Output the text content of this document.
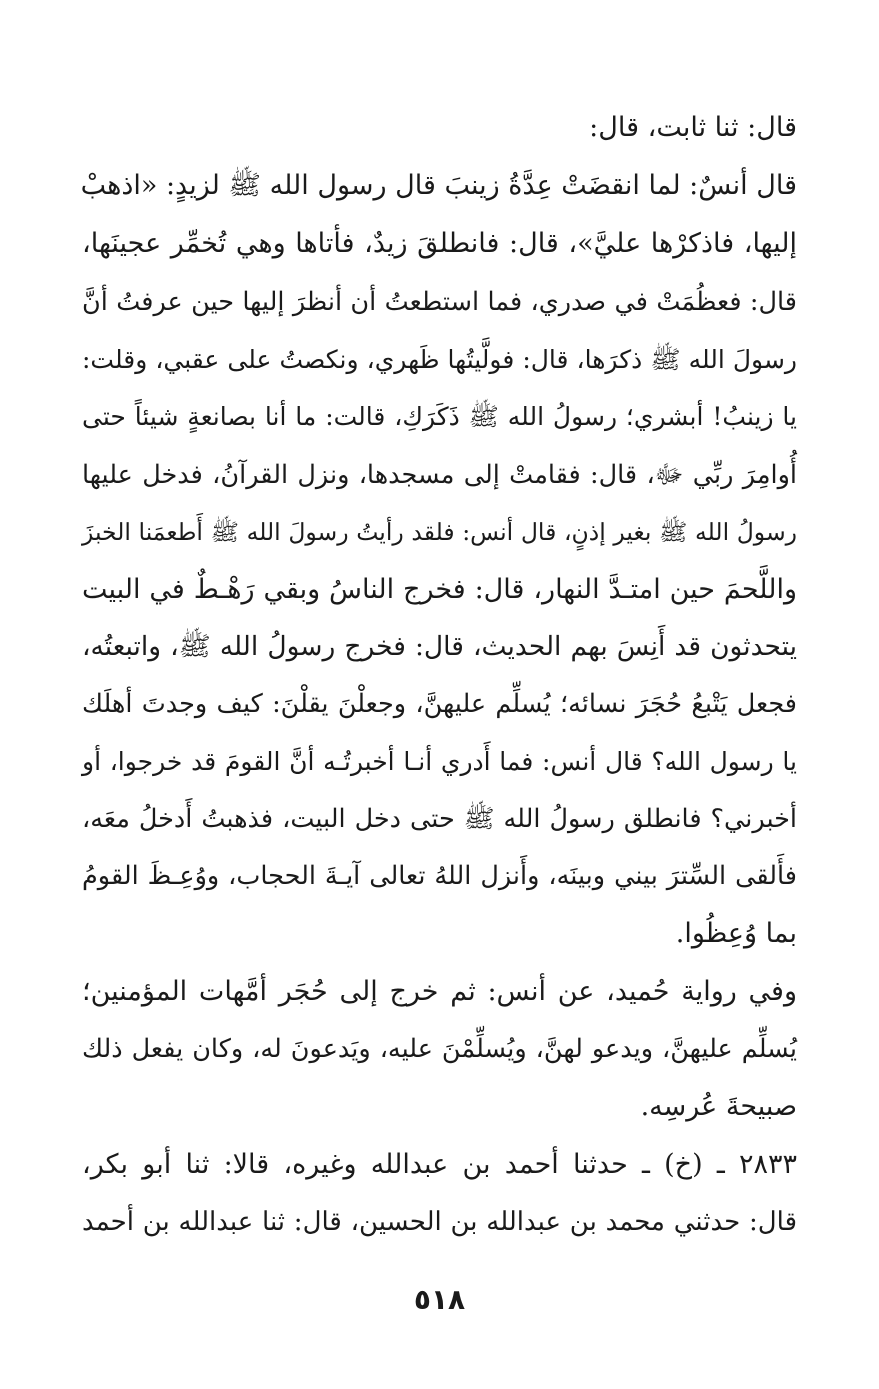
قال: ثنا ثابت، قال:
قال أنسٌ: لما انقضَتْ عِدَّةُ زينبَ قال رسول الله ﷺ لزيدٍ: «اذهبْ
إليها، فاذكرْها عليَّ»، قال: فانطلقَ زيدٌ، فأتاها وهي تُخمِّر عجينَها،
قال: فعظُمَتْ في صدري، فما استطعتُ أن أنظرَ إليها حين عرفتُ أنَّ
رسولَ الله ﷺ ذكرَها، قال: فولَّيتُها ظَهري، ونكصتُ على عقبي، وقلت:
يا زينبُ! أبشري؛ رسولُ الله ﷺ ذَكَرَكِ، قالت: ما أنا بصانعةٍ شيئاً حتى
أُوامِرَ ربِّي ﷻ، قال: فقامتْ إلى مسجدها، ونزل القرآنُ، فدخل عليها
رسولُ الله ﷺ بغير إذنٍ، قال أنس: فلقد رأيتُ رسولَ الله ﷺ أَطعمَنا الخبزَ
واللَّحمَ حين امتـدَّ النهار، قال: فخرج الناسُ وبقي رَهْـطٌ في البيت
يتحدثون قد أَنِسَ بهم الحديث، قال: فخرج رسولُ الله ﷺ، واتبعتُه،
فجعل يَتْبعُ حُجَرَ نسائه؛ يُسلِّم عليهنَّ، وجعلْنَ يقلْنَ: كيف وجدتَ أهلَك
يا رسول الله؟ قال أنس: فما أَدري أنـا أخبرتُـه أنَّ القومَ قد خرجوا، أو
أخبرني؟ فانطلق رسولُ الله ﷺ حتى دخل البيت، فذهبتُ أَدخلُ معَه،
فأَلقى السِّترَ بيني وبينَه، وأَنزل اللهُ تعالى آيـةَ الحجاب، ووُعِـظَ القومُ
بما وُعِظُوا.
وفي رواية حُميد، عن أنس: ثم خرج إلى حُجَر أمَّهات المؤمنين؛
يُسلِّم عليهنَّ، ويدعو لهنَّ، ويُسلِّمْنَ عليه، ويَدعونَ له، وكان يفعل ذلك
صبيحةَ عُرسِه.
٢٨٣٣ ـ (خ) ـ حدثنا أحمد بن عبدالله وغيره، قالا: ثنا أبو بكر،
قال: حدثني محمد بن عبدالله بن الحسين، قال: ثنا عبدالله بن أحمد
٥١٨
